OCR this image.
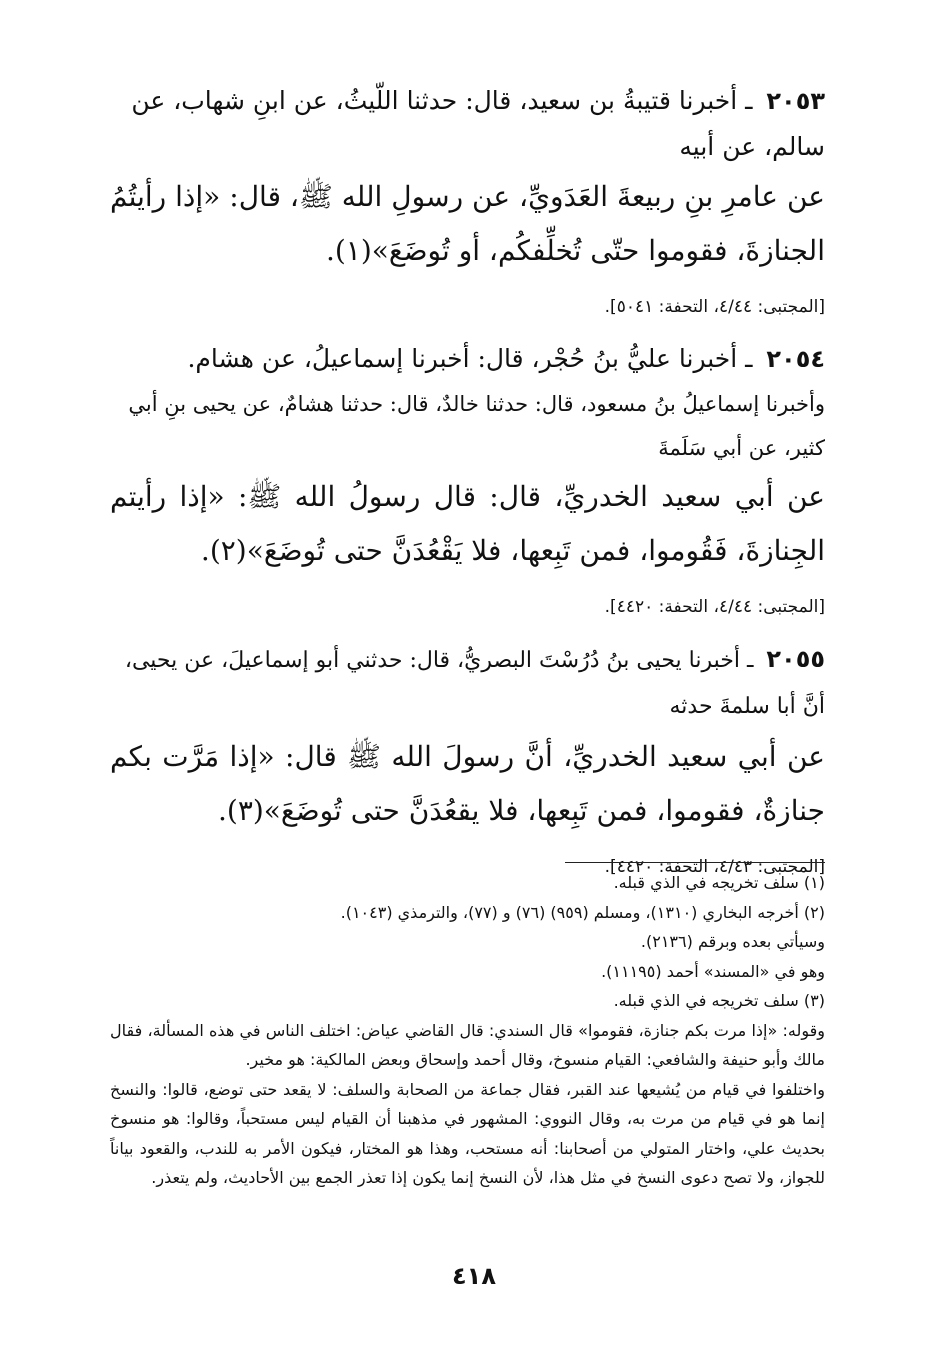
٢٠٥٣ ـ أخبرنا قتيبةُ بن سعيد، قال: حدثنا اللّيثُ، عن ابنِ شهاب، عن سالم، عن أبيه

عن عامرِ بنِ ربيعةَ العَدَويِّ، عن رسولِ الله ﷺ، قال: «إذا رأيتُمُ الجنازةَ، فقوموا حتّى تُخلِّفكُم، أو تُوضَعَ»(١).

[المجتبى: ٤/٤٤، التحفة: ٥٠٤١].

٢٠٥٤ ـ أخبرنا عليُّ بنُ حُجْر، قال: أخبرنا إسماعيلُ، عن هشام.

وأخبرنا إسماعيلُ بنُ مسعود، قال: حدثنا خالدٌ، قال: حدثنا هشامٌ، عن يحيى بنِ أبي كثير، عن أبي سَلَمةَ

عن أبي سعيد الخدريِّ، قال: قال رسولُ الله ﷺ: «إذا رأيتم الجِنازةَ، فَقُوموا، فمن تَبِعها، فلا يَقْعُدَنَّ حتى تُوضَعَ»(٢).

[المجتبى: ٤/٤٤، التحفة: ٤٤٢٠].

٢٠٥٥ ـ أخبرنا يحيى بنُ دُرُسْتَ البصريُّ، قال: حدثني أبو إسماعيلَ، عن يحيى، أنَّ أبا سلمةَ حدثه

عن أبي سعيد الخدريِّ، أنَّ رسولَ الله ﷺ قال: «إذا مَرَّت بكم جنازةٌ، فقوموا، فمن تَبِعها، فلا يقعُدَنَّ حتى تُوضَعَ»(٣).

[المجتبى: ٤/٤٣، التحفة: ٤٤٢٠].

(١) سلف تخريجه في الذي قبله.

(٢) أخرجه البخاري (١٣١٠)، ومسلم (٩٥٩) (٧٦) و (٧٧)، والترمذي (١٠٤٣).

وسيأتي بعده وبرقم (٢١٣٦).

وهو في «المسند» أحمد (١١١٩٥).

(٣) سلف تخريجه في الذي قبله.

وقوله: «إذا مرت بكم جنازة، فقوموا» قال السندي: قال القاضي عياض: اختلف الناس في هذه المسألة، فقال مالك وأبو حنيفة والشافعي: القيام منسوخ، وقال أحمد وإسحاق وبعض المالكية: هو مخير.

واختلفوا في قيام من يُشيعها عند القبر، فقال جماعة من الصحابة والسلف: لا يقعد حتى توضع، قالوا: والنسخ إنما هو في قيام من مرت به، وقال النووي: المشهور في مذهبنا أن القيام ليس مستحباً، وقالوا: هو منسوخ بحديث علي، واختار المتولي من أصحابنا: أنه مستحب، وهذا هو المختار، فيكون الأمر به للندب، والقعود بياناً للجواز، ولا تصح دعوى النسخ في مثل هذا، لأن النسخ إنما يكون إذا تعذر الجمع بين الأحاديث، ولم يتعذر.

٤١٨
